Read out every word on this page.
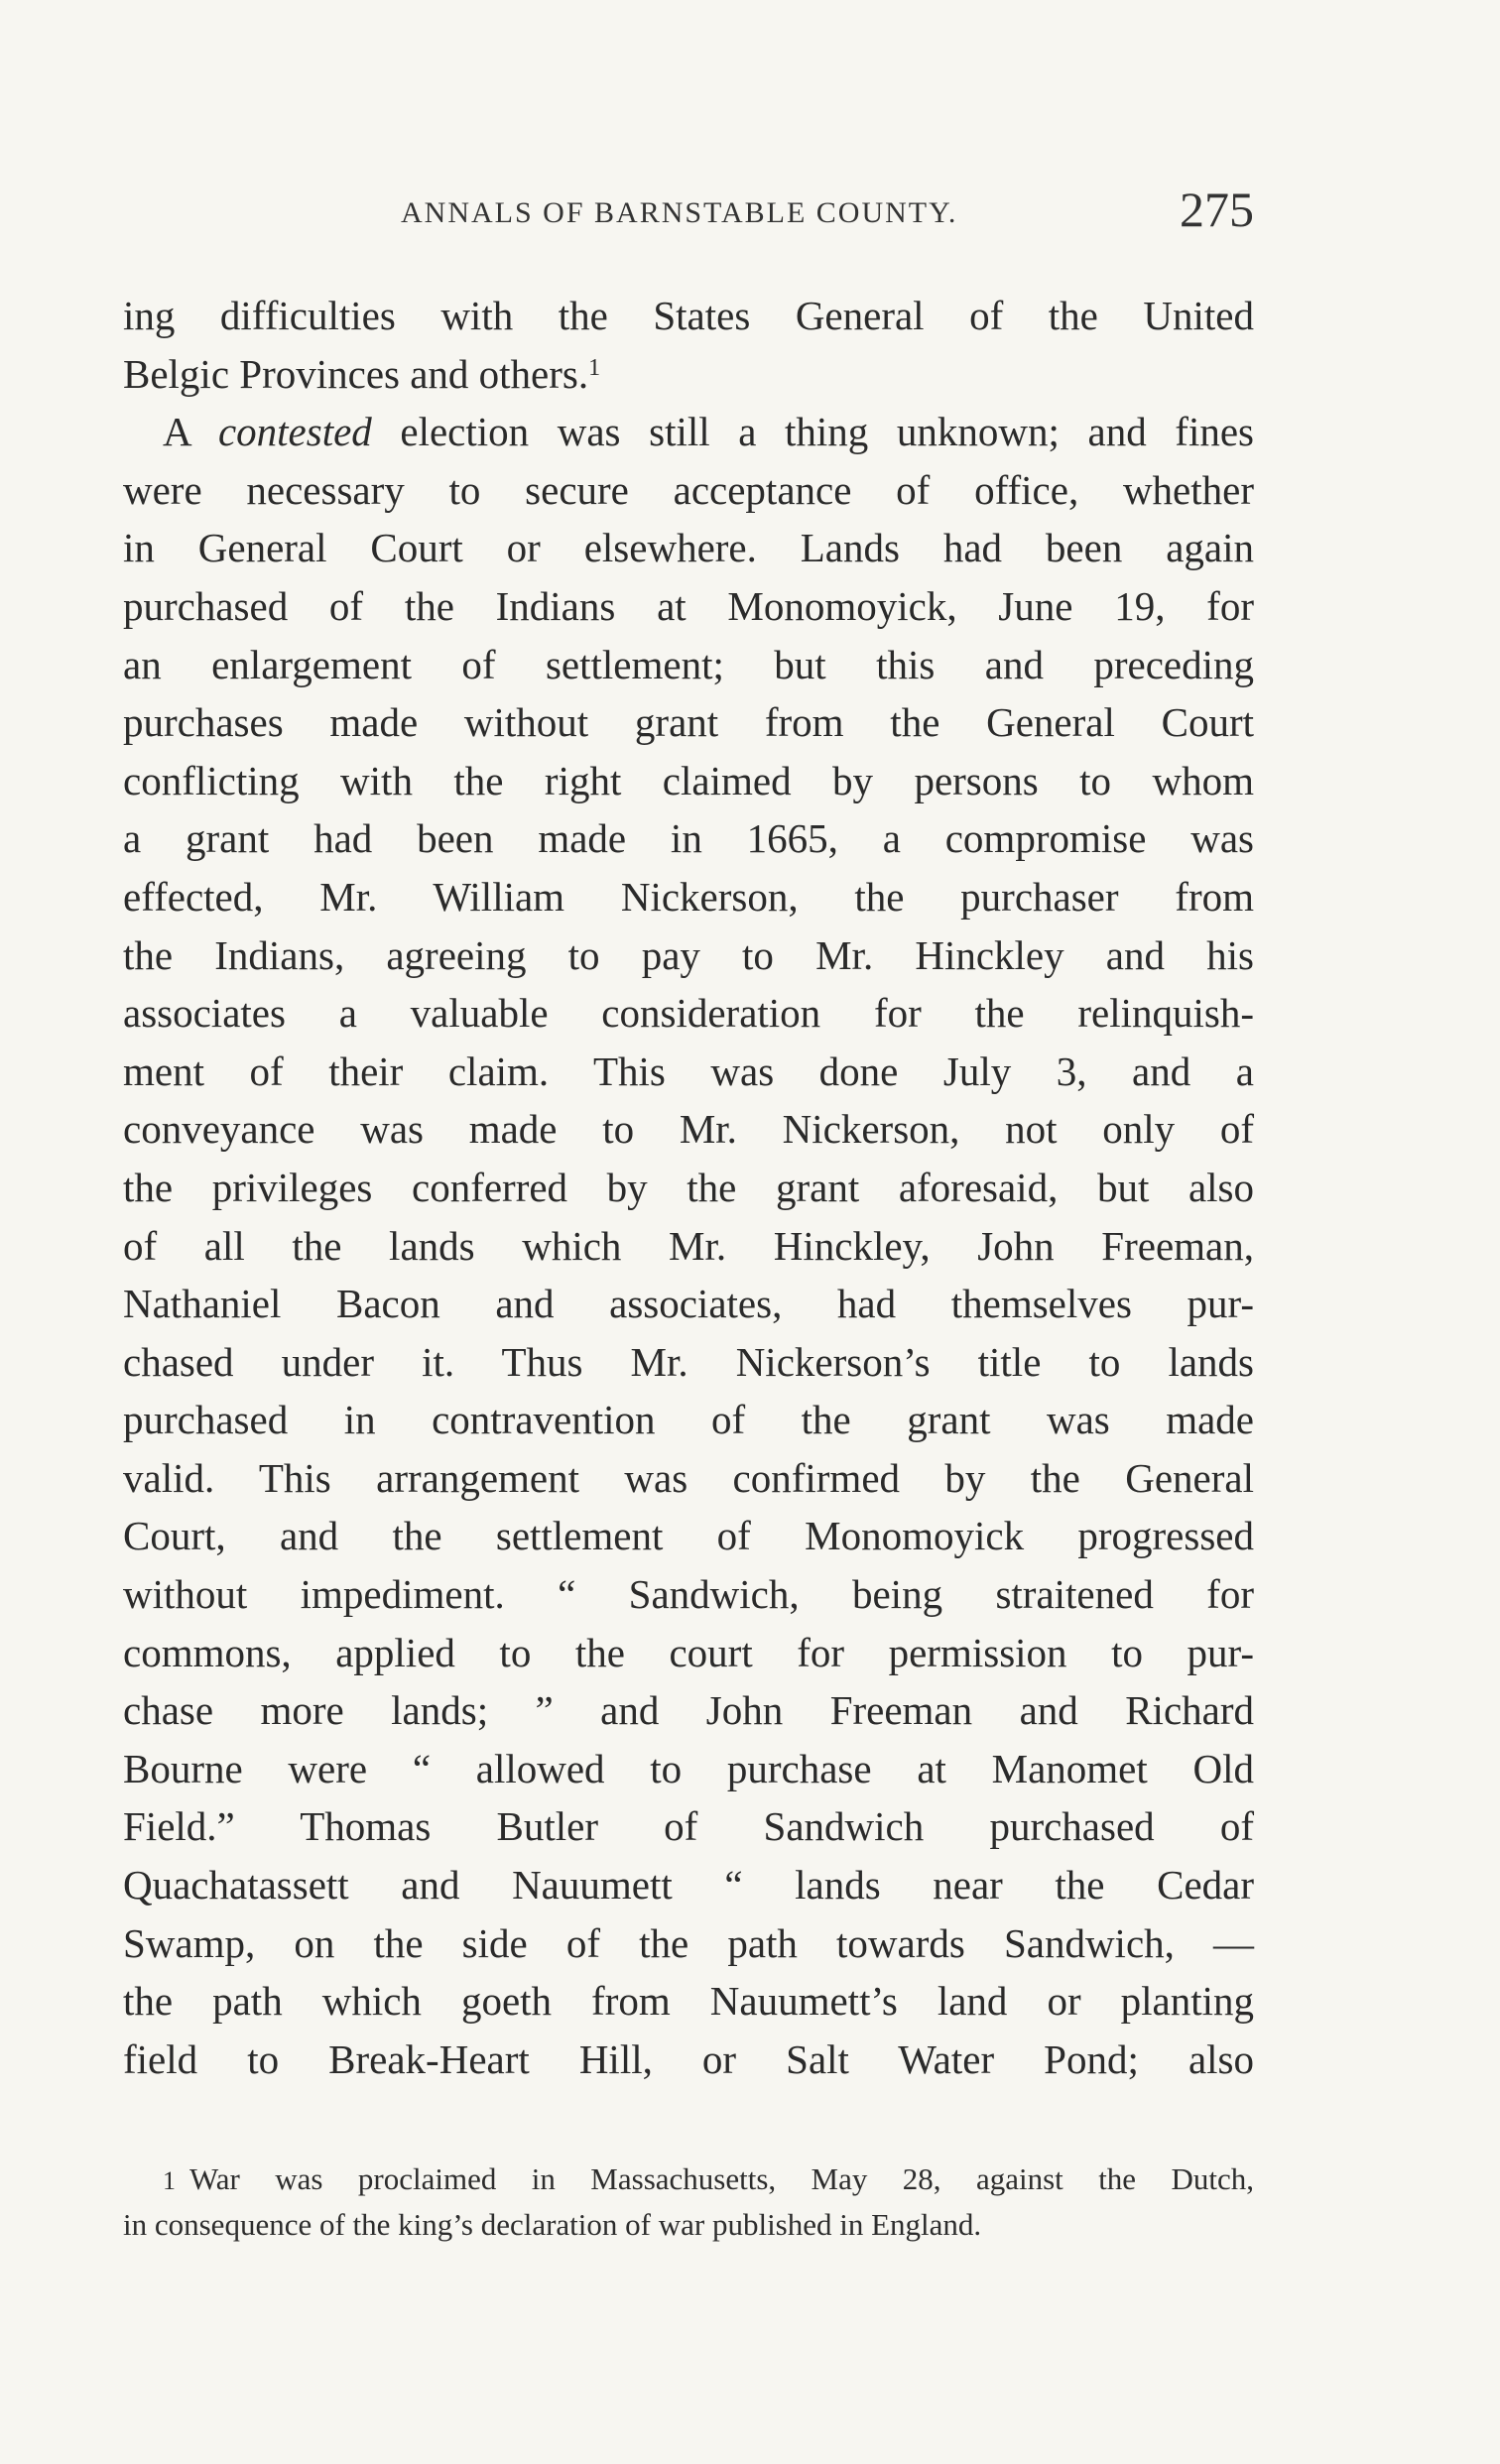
ANNALS OF BARNSTABLE COUNTY.	275
ing difficulties with the States General of the United
Belgic Provinces and others.$^1$
A contested election was still a thing unknown; and fines
were necessary to secure acceptance of office, whether
in General Court or elsewhere. Lands had been again
purchased of the Indians at Monomoyick, June 19, for
an enlargement of settlement; but this and preceding
purchases made without grant from the General Court
conflicting with the right claimed by persons to whom
a grant had been made in 1665, a compromise was
effected, Mr. William Nickerson, the purchaser from
the Indians, agreeing to pay to Mr. Hinckley and his
associates a valuable consideration for the relinquish-
ment of their claim. This was done July 3, and a
conveyance was made to Mr. Nickerson, not only of
the privileges conferred by the grant aforesaid, but also
of all the lands which Mr. Hinckley, John Freeman,
Nathaniel Bacon and associates, had themselves pur-
chased under it. Thus Mr. Nickerson’s title to lands
purchased in contravention of the grant was made
valid. This arrangement was confirmed by the General
Court, and the settlement of Monomoyick progressed
without impediment. “ Sandwich, being straitened for
commons, applied to the court for permission to pur-
chase more lands; ” and John Freeman and Richard
Bourne were “ allowed to purchase at Manomet Old
Field.” Thomas Butler of Sandwich purchased of
Quachatassett and Nauumett “ lands near the Cedar
Swamp, on the side of the path towards Sandwich, —
the path which goeth from Nauumett’s land or planting
field to Break-Heart Hill, or Salt Water Pond; also
1 War was proclaimed in Massachusetts, May 28, against the Dutch,
in consequence of the king’s declaration of war published in England.
